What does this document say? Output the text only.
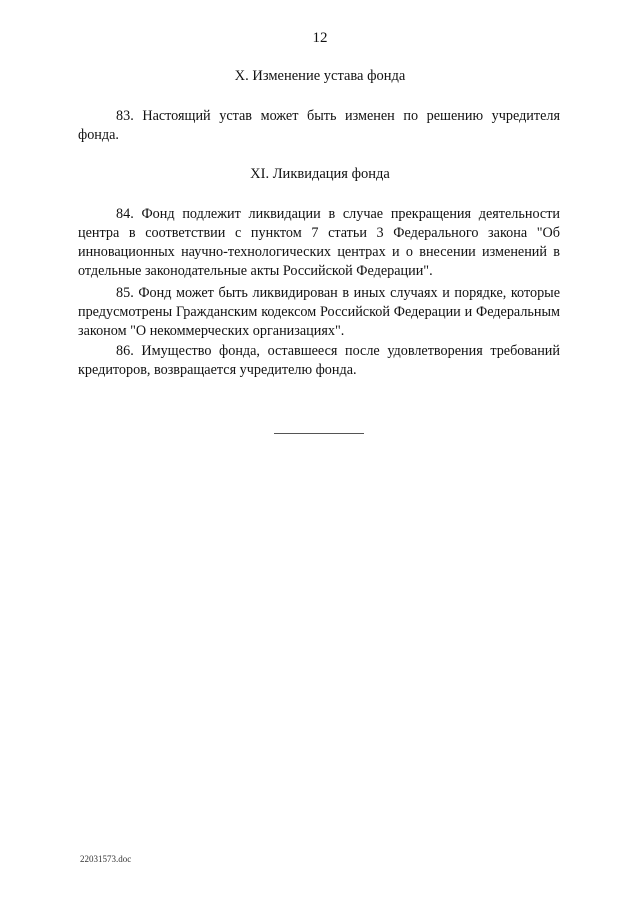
12
X. Изменение устава фонда
83. Настоящий устав может быть изменен по решению учредителя фонда.
XI. Ликвидация фонда
84. Фонд подлежит ликвидации в случае прекращения деятельности центра в соответствии с пунктом 7 статьи 3 Федерального закона "Об инновационных научно-технологических центрах и о внесении изменений в отдельные законодательные акты Российской Федерации".
85. Фонд может быть ликвидирован в иных случаях и порядке, которые предусмотрены Гражданским кодексом Российской Федерации и Федеральным законом "О некоммерческих организациях".
86. Имущество фонда, оставшееся после удовлетворения требований кредиторов, возвращается учредителю фонда.
22031573.doc
